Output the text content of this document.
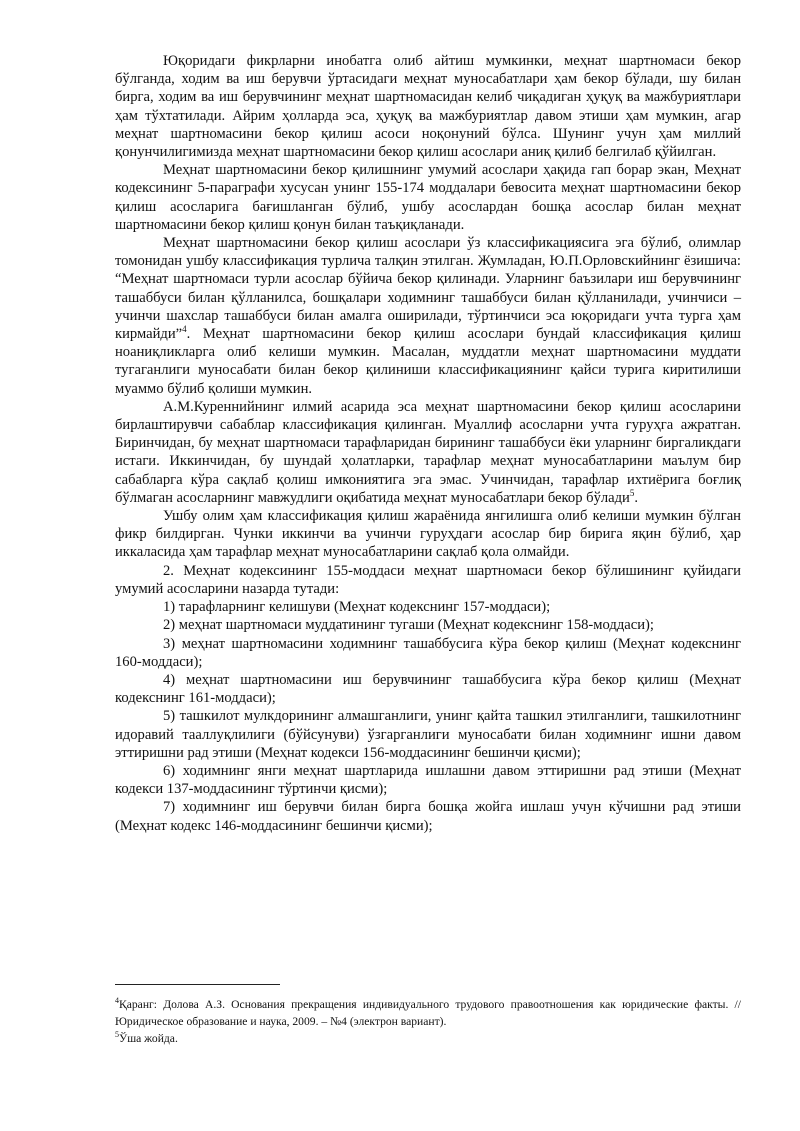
Юқоридаги фикрларни инобатга олиб айтиш мумкинки, меҳнат шартномаси бекор бўлганда, ходим ва иш берувчи ўртасидаги меҳнат муносабатлари ҳам бекор бўлади, шу билан бирга, ходим ва иш берувчининг меҳнат шартномасидан келиб чиқадиган ҳуқуқ ва мажбуриятлари ҳам тўхтатилади. Айрим ҳолларда эса, ҳуқуқ ва мажбуриятлар давом этиши ҳам мумкин, агар меҳнат шартномасини бекор қилиш асоси ноқонуний бўлса. Шунинг учун ҳам миллий қонунчилигимизда меҳнат шартномасини бекор қилиш асослари аниқ қилиб белгилаб қўйилган.

Меҳнат шартномасини бекор қилишнинг умумий асослари ҳақида гап борар экан, Меҳнат кодексининг 5-параграфи хусусан унинг 155-174 моддалари бевосита меҳнат шартномасини бекор қилиш асосларига бағишланган бўлиб, ушбу асослардан бошқа асослар билан меҳнат шартномасини бекор қилиш қонун билан таъқиқланади.

Меҳнат шартномасини бекор қилиш асослари ўз классификациясига эга бўлиб, олимлар томонидан ушбу классификация турлича талқин этилган. Жумладан, Ю.П.Орловскийнинг ёзишича: “Меҳнат шартномаси турли асослар бўйича бекор қилинади. Уларнинг баъзилари иш берувчининг ташаббуси билан қўлланилса, бошқалари ходимнинг ташаббуси билан қўлланилади, учинчиси – учинчи шахслар ташаббуси билан амалга оширилади, тўртинчиси эса юқоридаги учта турга ҳам кирмайди”$^4$. Меҳнат шартномасини бекор қилиш асослари бундай классификация қилиш ноаниқликларга олиб келиши мумкин. Масалан, муддатли меҳнат шартномасини муддати тугаганлиги муносабати билан бекор қилиниши классификациянинг қайси турига киритилиши муаммо бўлиб қолиши мумкин.

А.М.Куреннийнинг илмий асарида эса меҳнат шартномасини бекор қилиш асосларини бирлаштирувчи сабаблар классификация қилинган. Муаллиф асосларни учта гуруҳга ажратган. Биринчидан, бу меҳнат шартномаси тарафларидан бирининг ташаббуси ёки уларнинг биргаликдаги истаги. Иккинчидан, бу шундай ҳолатларки, тарафлар меҳнат муносабатларини маълум бир сабабларга кўра сақлаб қолиш имкониятига эга эмас. Учинчидан, тарафлар ихтиёрига боғлиқ бўлмаган асосларнинг мавжудлиги оқибатида меҳнат муносабатлари бекор бўлади$^5$.

Ушбу олим ҳам классификация қилиш жараёнида янгилишга олиб келиши мумкин бўлган фикр билдирган. Чунки иккинчи ва учинчи гуруҳдаги асослар бир бирига яқин бўлиб, ҳар иккаласида ҳам тарафлар меҳнат муносабатларини сақлаб қола олмайди.

2. Меҳнат кодексининг 155-моддаси меҳнат шартномаси бекор бўлишининг қуйидаги умумий асосларини назарда тутади:

1) тарафларнинг келишуви (Меҳнат кодекснинг 157-моддаси);

2) меҳнат шартномаси муддатининг тугаши (Меҳнат кодекснинг 158-моддаси);

3) меҳнат шартномасини ходимнинг ташаббусига кўра бекор қилиш (Меҳнат кодекснинг 160-моддаси);

4) меҳнат шартномасини иш берувчининг ташаббусига кўра бекор қилиш (Меҳнат кодекснинг 161-моддаси);

5) ташкилот мулкдорининг алмашганлиги, унинг қайта ташкил этилганлиги, ташкилотнинг идоравий тааллуқлилиги (бўйсунуви) ўзгарганлиги муносабати билан ходимнинг ишни давом эттиришни рад этиши (Меҳнат кодекси 156-моддасининг бешинчи қисми);

6) ходимнинг янги меҳнат шартларида ишлашни давом эттиришни рад этиши (Меҳнат кодекси 137-моддасининг тўртинчи қисми);

7) ходимнинг иш берувчи билан бирга бошқа жойга ишлаш учун кўчишни рад этиши (Меҳнат кодекс 146-моддасининг бешинчи қисми);

$^4$Қаранг: Долова А.З. Основания прекращения индивидуального трудового правоотношения как юридические факты. // Юридическое образование и наука, 2009. – №4 (электрон вариант).

$^5$Ўша жойда.
